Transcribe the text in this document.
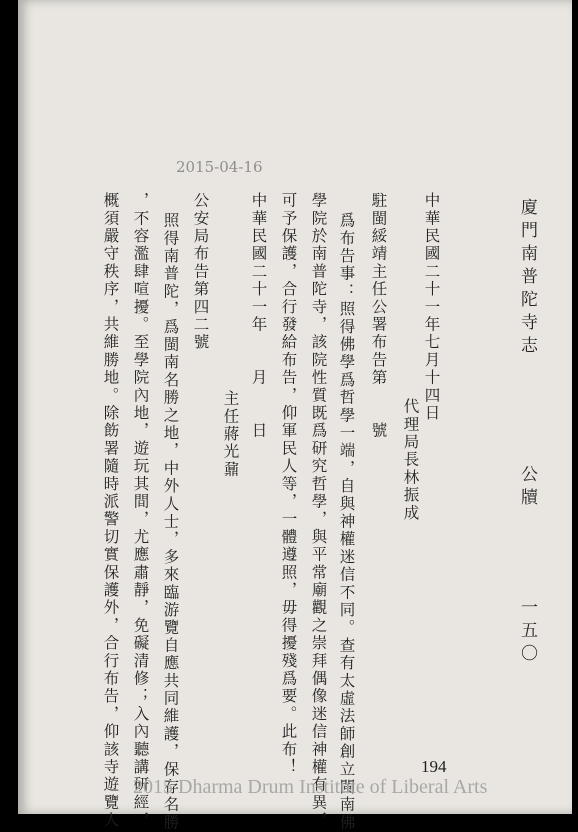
廈門南普陀寺志
公牘
一五〇
中華民國二十一年七月十四日
代理局長林振成
駐閩綏靖主任公署布告第　　號
爲布告事：照得佛學爲哲學一端，自與神權迷信不同。查有太虛法師創立閩南佛
學院於南普陀寺，該院性質既爲研究哲學，與平常廟觀之崇拜偶像迷信神權有異，
可予保護，合行發給布告，仰軍民人等，一體遵照，毋得擾殘爲要。此布！
中華民國二十一年　　月　　日
主任蔣光鼐
公安局布告第四二號
照得南普陀，爲閩南名勝之地，中外人士，多來臨游覽自應共同維護，保存名勝
，不容濫肆喧擾。至學院內地，遊玩其間，尤應肅靜，免礙清修；入內聽講研經，
概須嚴守秩序，共維勝地。除飭署隨時派警切實保護外，合行布告，仰該寺遊覽人
2015-04-16
194
2015 Dharma Drum Institute of Liberal Arts
